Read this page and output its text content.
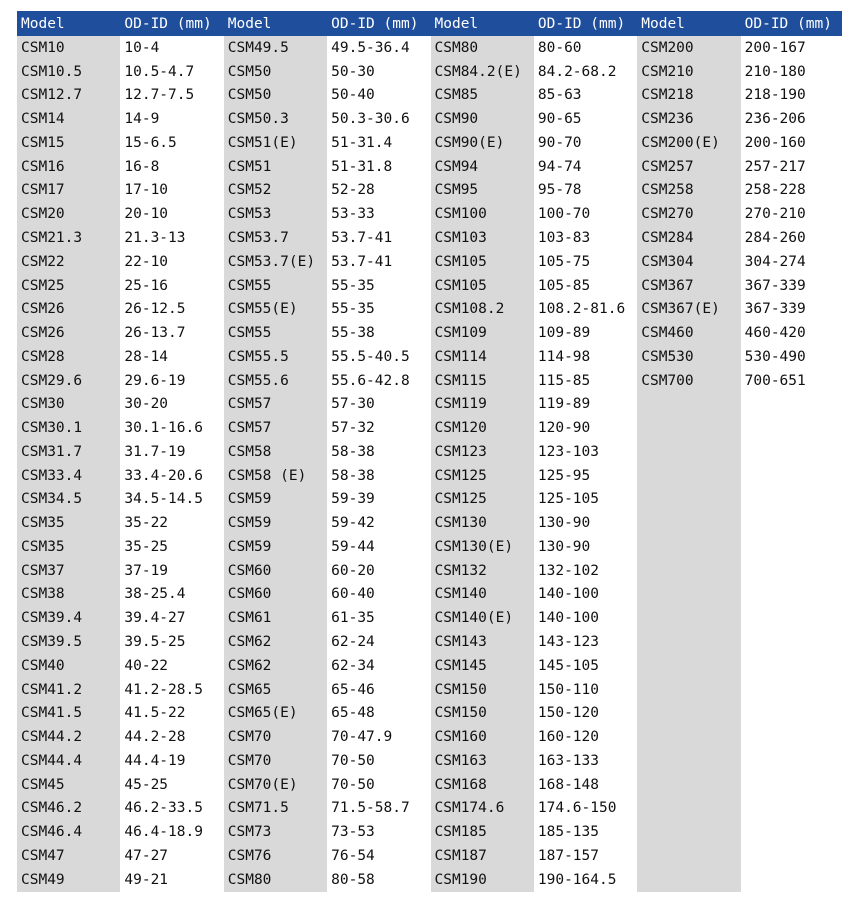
Model	OD-ID (mm)	Model	OD-ID (mm)	Model	OD-ID (mm)	Model	OD-ID (mm)
CSM10	10-4	CSM49.5	49.5-36.4	CSM80	80-60	CSM200	200-167
CSM10.5	10.5-4.7	CSM50	50-30	CSM84.2(E)	84.2-68.2	CSM210	210-180
CSM12.7	12.7-7.5	CSM50	50-40	CSM85	85-63	CSM218	218-190
CSM14	14-9	CSM50.3	50.3-30.6	CSM90	90-65	CSM236	236-206
CSM15	15-6.5	CSM51(E)	51-31.4	CSM90(E)	90-70	CSM200(E)	200-160
CSM16	16-8	CSM51	51-31.8	CSM94	94-74	CSM257	257-217
CSM17	17-10	CSM52	52-28	CSM95	95-78	CSM258	258-228
CSM20	20-10	CSM53	53-33	CSM100	100-70	CSM270	270-210
CSM21.3	21.3-13	CSM53.7	53.7-41	CSM103	103-83	CSM284	284-260
CSM22	22-10	CSM53.7(E)	53.7-41	CSM105	105-75	CSM304	304-274
CSM25	25-16	CSM55	55-35	CSM105	105-85	CSM367	367-339
CSM26	26-12.5	CSM55(E)	55-35	CSM108.2	108.2-81.6	CSM367(E)	367-339
CSM26	26-13.7	CSM55	55-38	CSM109	109-89	CSM460	460-420
CSM28	28-14	CSM55.5	55.5-40.5	CSM114	114-98	CSM530	530-490
CSM29.6	29.6-19	CSM55.6	55.6-42.8	CSM115	115-85	CSM700	700-651
CSM30	30-20	CSM57	57-30	CSM119	119-89		
CSM30.1	30.1-16.6	CSM57	57-32	CSM120	120-90		
CSM31.7	31.7-19	CSM58	58-38	CSM123	123-103		
CSM33.4	33.4-20.6	CSM58 (E)	58-38	CSM125	125-95		
CSM34.5	34.5-14.5	CSM59	59-39	CSM125	125-105		
CSM35	35-22	CSM59	59-42	CSM130	130-90		
CSM35	35-25	CSM59	59-44	CSM130(E)	130-90		
CSM37	37-19	CSM60	60-20	CSM132	132-102		
CSM38	38-25.4	CSM60	60-40	CSM140	140-100		
CSM39.4	39.4-27	CSM61	61-35	CSM140(E)	140-100		
CSM39.5	39.5-25	CSM62	62-24	CSM143	143-123		
CSM40	40-22	CSM62	62-34	CSM145	145-105		
CSM41.2	41.2-28.5	CSM65	65-46	CSM150	150-110		
CSM41.5	41.5-22	CSM65(E)	65-48	CSM150	150-120		
CSM44.2	44.2-28	CSM70	70-47.9	CSM160	160-120		
CSM44.4	44.4-19	CSM70	70-50	CSM163	163-133		
CSM45	45-25	CSM70(E)	70-50	CSM168	168-148		
CSM46.2	46.2-33.5	CSM71.5	71.5-58.7	CSM174.6	174.6-150		
CSM46.4	46.4-18.9	CSM73	73-53	CSM185	185-135		
CSM47	47-27	CSM76	76-54	CSM187	187-157		
CSM49	49-21	CSM80	80-58	CSM190	190-164.5		
